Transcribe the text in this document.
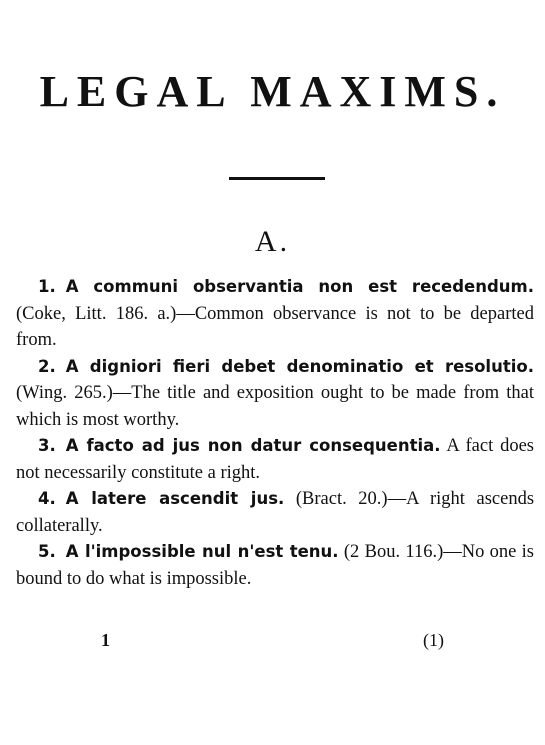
LEGAL MAXIMS.
A.

1. A communi observantia non est recedendum. (Coke, Litt. 186. a.)—Common observance is not to be departed from.

2. A digniori fieri debet denominatio et resolutio. (Wing. 265.)—The title and exposition ought to be made from that which is most worthy.

3. A facto ad jus non datur consequentia. A fact does not necessarily constitute a right.

4. A latere ascendit jus. (Bract. 20.)—A right ascends collaterally.

5. A l'impossible nul n'est tenu. (2 Bou. 116.)—No one is bound to do what is impossible.

1	(1)
